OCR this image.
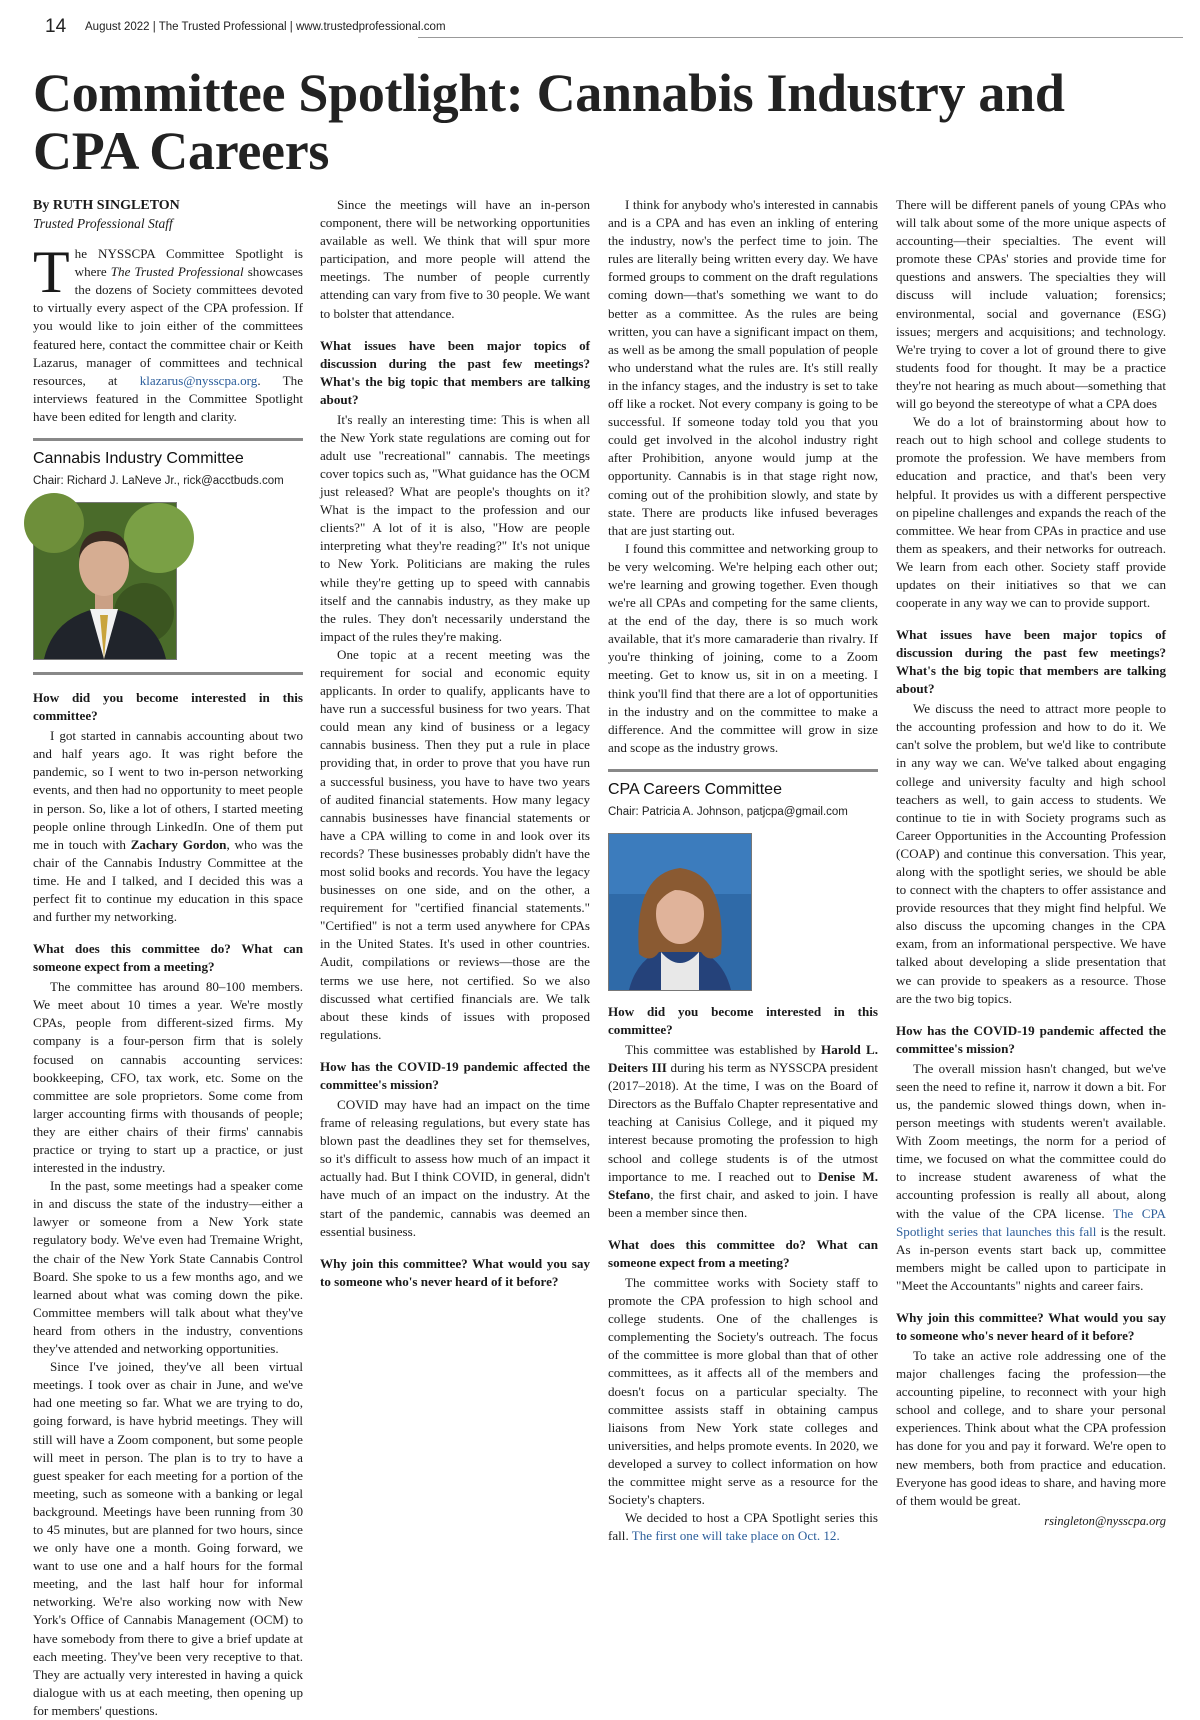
14 August 2022 | The Trusted Professional | www.trustedprofessional.com
Committee Spotlight: Cannabis Industry and CPA Careers

By RUTH SINGLETON

Trusted Professional Staff

The NYSSCPA Committee Spotlight is where The Trusted Professional showcases the dozens of Society committees devoted to virtually every aspect of the CPA profession. If you would like to join either of the committees featured here, contact the committee chair or Keith Lazarus, manager of committees and technical resources, at klazarus@nysscpa.org. The interviews featured in the Committee Spotlight have been edited for length and clarity.

Cannabis Industry Committee
Chair: Richard J. LaNeve Jr., rick@acctbuds.com

How did you become interested in this committee?

I got started in cannabis accounting about two and half years ago. It was right before the pandemic, so I went to two in-person networking events, and then had no opportunity to meet people in person. So, like a lot of others, I started meeting people online through LinkedIn. One of them put me in touch with Zachary Gordon, who was the chair of the Cannabis Industry Committee at the time. He and I talked, and I decided this was a perfect fit to continue my education in this space and further my networking.

What does this committee do? What can someone expect from a meeting?

The committee has around 80–100 members. We meet about 10 times a year. We're mostly CPAs, people from different-sized firms. My company is a four-person firm that is solely focused on cannabis accounting services: bookkeeping, CFO, tax work, etc. Some on the committee are sole proprietors. Some come from larger accounting firms with thousands of people; they are either chairs of their firms' cannabis practice or trying to start up a practice, or just interested in the industry.

In the past, some meetings had a speaker come in and discuss the state of the industry—either a lawyer or someone from a New York state regulatory body. We've even had Tremaine Wright, the chair of the New York State Cannabis Control Board. She spoke to us a few months ago, and we learned about what was coming down the pike. Committee members will talk about what they've heard from others in the industry, conventions they've attended and networking opportunities.

Since I've joined, they've all been virtual meetings. I took over as chair in June, and we've had one meeting so far. What we are trying to do, going forward, is have hybrid meetings. They will still will have a Zoom component, but some people will meet in person. The plan is to try to have a guest speaker for each meeting for a portion of the meeting, such as someone with a banking or legal background. Meetings have been running from 30 to 45 minutes, but are planned for two hours, since we only have one a month. Going forward, we want to use one and a half hours for the formal meeting, and the last half hour for informal networking. We're also working now with New York's Office of Cannabis Management (OCM) to have somebody from there to give a brief update at each meeting. They've been very receptive to that. They are actually very interested in having a quick dialogue with us at each meeting, then opening up for members' questions.

Since the meetings will have an in-person component, there will be networking opportunities available as well. We think that will spur more participation, and more people will attend the meetings. The number of people currently attending can vary from five to 30 people. We want to bolster that attendance.

What issues have been major topics of discussion during the past few meetings? What's the big topic that members are talking about?

It's really an interesting time: This is when all the New York state regulations are coming out for adult use "recreational" cannabis. The meetings cover topics such as, "What guidance has the OCM just released? What are people's thoughts on it? What is the impact to the profession and our clients?" A lot of it is also, "How are people interpreting what they're reading?" It's not unique to New York. Politicians are making the rules while they're getting up to speed with cannabis itself and the cannabis industry, as they make up the rules. They don't necessarily understand the impact of the rules they're making.

One topic at a recent meeting was the requirement for social and economic equity applicants. In order to qualify, applicants have to have run a successful business for two years. That could mean any kind of business or a legacy cannabis business. Then they put a rule in place providing that, in order to prove that you have run a successful business, you have to have two years of audited financial statements. How many legacy cannabis businesses have financial statements or have a CPA willing to come in and look over its records? These businesses probably didn't have the most solid books and records. You have the legacy businesses on one side, and on the other, a requirement for "certified financial statements." "Certified" is not a term used anywhere for CPAs in the United States. It's used in other countries. Audit, compilations or reviews—those are the terms we use here, not certified. So we also discussed what certified financials are. We talk about these kinds of issues with proposed regulations.

How has the COVID-19 pandemic affected the committee's mission?

COVID may have had an impact on the time frame of releasing regulations, but every state has blown past the deadlines they set for themselves, so it's difficult to assess how much of an impact it actually had. But I think COVID, in general, didn't have much of an impact on the industry. At the start of the pandemic, cannabis was deemed an essential business.

Why join this committee? What would you say to someone who's never heard of it before?

I think for anybody who's interested in cannabis and is a CPA and has even an inkling of entering the industry, now's the perfect time to join. The rules are literally being written every day. We have formed groups to comment on the draft regulations coming down—that's something we want to do better as a committee. As the rules are being written, you can have a significant impact on them, as well as be among the small population of people who understand what the rules are. It's still really in the infancy stages, and the industry is set to take off like a rocket. Not every company is going to be successful. If someone today told you that you could get involved in the alcohol industry right after Prohibition, anyone would jump at the opportunity. Cannabis is in that stage right now, coming out of the prohibition slowly, and state by state. There are products like infused beverages that are just starting out.

I found this committee and networking group to be very welcoming. We're helping each other out; we're learning and growing together. Even though we're all CPAs and competing for the same clients, at the end of the day, there is so much work available, that it's more camaraderie than rivalry. If you're thinking of joining, come to a Zoom meeting. Get to know us, sit in on a meeting. I think you'll find that there are a lot of opportunities in the industry and on the committee to make a difference. And the committee will grow in size and scope as the industry grows.

CPA Careers Committee
Chair: Patricia A. Johnson, patjcpa@gmail.com

How did you become interested in this committee?

This committee was established by Harold L. Deiters III during his term as NYSSCPA president (2017–2018). At the time, I was on the Board of Directors as the Buffalo Chapter representative and teaching at Canisius College, and it piqued my interest because promoting the profession to high school and college students is of the utmost importance to me. I reached out to Denise M. Stefano, the first chair, and asked to join. I have been a member since then.

What does this committee do? What can someone expect from a meeting?

The committee works with Society staff to promote the CPA profession to high school and college students. One of the challenges is complementing the Society's outreach. The focus of the committee is more global than that of other committees, as it affects all of the members and doesn't focus on a particular specialty. The committee assists staff in obtaining campus liaisons from New York state colleges and universities, and helps promote events. In 2020, we developed a survey to collect information on how the committee might serve as a resource for the Society's chapters.

We decided to host a CPA Spotlight series this fall. The first one will take place on Oct. 12.

There will be different panels of young CPAs who will talk about some of the more unique aspects of accounting—their specialties. The event will promote these CPAs' stories and provide time for questions and answers. The specialties they will discuss will include valuation; forensics; environmental, social and governance (ESG) issues; mergers and acquisitions; and technology. We're trying to cover a lot of ground there to give students food for thought. It may be a practice they're not hearing as much about—something that will go beyond the stereotype of what a CPA does

We do a lot of brainstorming about how to reach out to high school and college students to promote the profession. We have members from education and practice, and that's been very helpful. It provides us with a different perspective on pipeline challenges and expands the reach of the committee. We hear from CPAs in practice and use them as speakers, and their networks for outreach. We learn from each other. Society staff provide updates on their initiatives so that we can cooperate in any way we can to provide support.

What issues have been major topics of discussion during the past few meetings? What's the big topic that members are talking about?

We discuss the need to attract more people to the accounting profession and how to do it. We can't solve the problem, but we'd like to contribute in any way we can. We've talked about engaging college and university faculty and high school teachers as well, to gain access to students. We continue to tie in with Society programs such as Career Opportunities in the Accounting Profession (COAP) and continue this conversation. This year, along with the spotlight series, we should be able to connect with the chapters to offer assistance and provide resources that they might find helpful. We also discuss the upcoming changes in the CPA exam, from an informational perspective. We have talked about developing a slide presentation that we can provide to speakers as a resource. Those are the two big topics.

How has the COVID-19 pandemic affected the committee's mission?

The overall mission hasn't changed, but we've seen the need to refine it, narrow it down a bit. For us, the pandemic slowed things down, when in-person meetings with students weren't available. With Zoom meetings, the norm for a period of time, we focused on what the committee could do to increase student awareness of what the accounting profession is really all about, along with the value of the CPA license. The CPA Spotlight series that launches this fall is the result. As in-person events start back up, committee members might be called upon to participate in "Meet the Accountants" nights and career fairs.

Why join this committee? What would you say to someone who's never heard of it before?

To take an active role addressing one of the major challenges facing the profession—the accounting pipeline, to reconnect with your high school and college, and to share your personal experiences. Think about what the CPA profession has done for you and pay it forward. We're open to new members, both from practice and education. Everyone has good ideas to share, and having more of them would be great.

rsingleton@nysscpa.org
